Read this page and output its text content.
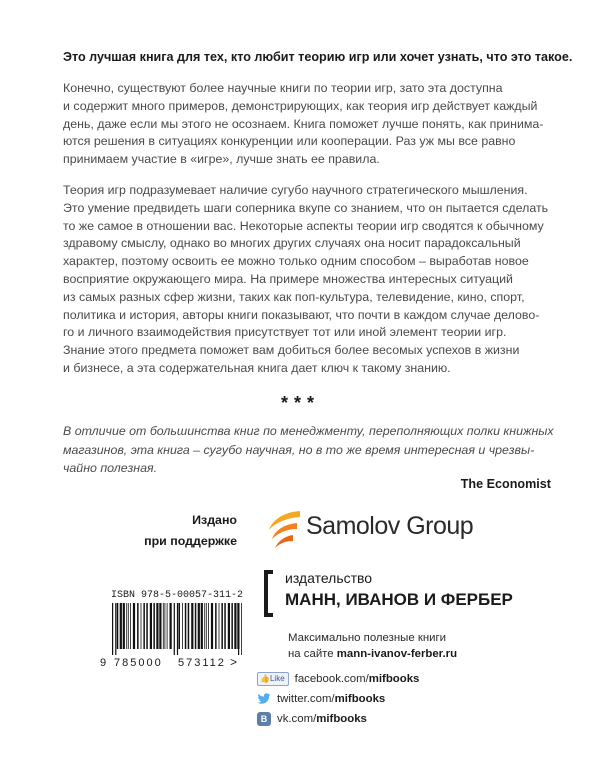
Это лучшая книга для тех, кто любит теорию игр или хочет узнать, что это такое.
Конечно, существуют более научные книги по теории игр, зато эта доступна
и содержит много примеров, демонстрирующих, как теория игр действует каждый
день, даже если мы этого не осознаем. Книга поможет лучше понять, как принима-
ются решения в ситуациях конкуренции или кооперации. Раз уж мы все равно
принимаем участие в «игре», лучше знать ее правила.
Теория игр подразумевает наличие сугубо научного стратегического мышления.
Это умение предвидеть шаги соперника вкупе со знанием, что он пытается сделать
то же самое в отношении вас. Некоторые аспекты теории игр сводятся к обычному
здравому смыслу, однако во многих других случаях она носит парадоксальный
характер, поэтому освоить ее можно только одним способом – выработав новое
восприятие окружающего мира. На примере множества интересных ситуаций
из самых разных сфер жизни, таких как поп-культура, телевидение, кино, спорт,
политика и история, авторы книги показывают, что почти в каждом случае делово-
го и личного взаимодействия присутствует тот или иной элемент теории игр.
Знание этого предмета поможет вам добиться более весомых успехов в жизни
и бизнесе, а эта содержательная книга дает ключ к такому знанию.
***
В отличие от большинства книг по менеджменту, переполняющих полки книжных
магазинов, эта книга – сугубо научная, но в то же время интересная и чрезвы-
чайно полезная.
The Economist
Издано
при поддержке
Samolov Group
ISBN 978-5-00057-311-2
9 785000 573112 >
издательство
МАНН, ИВАНОВ И ФЕРБЕР
Максимально полезные книги
на сайте mann-ivanov-ferber.ru
👍Like facebook.com/mifbooks
twitter.com/mifbooks
B vk.com/mifbooks
